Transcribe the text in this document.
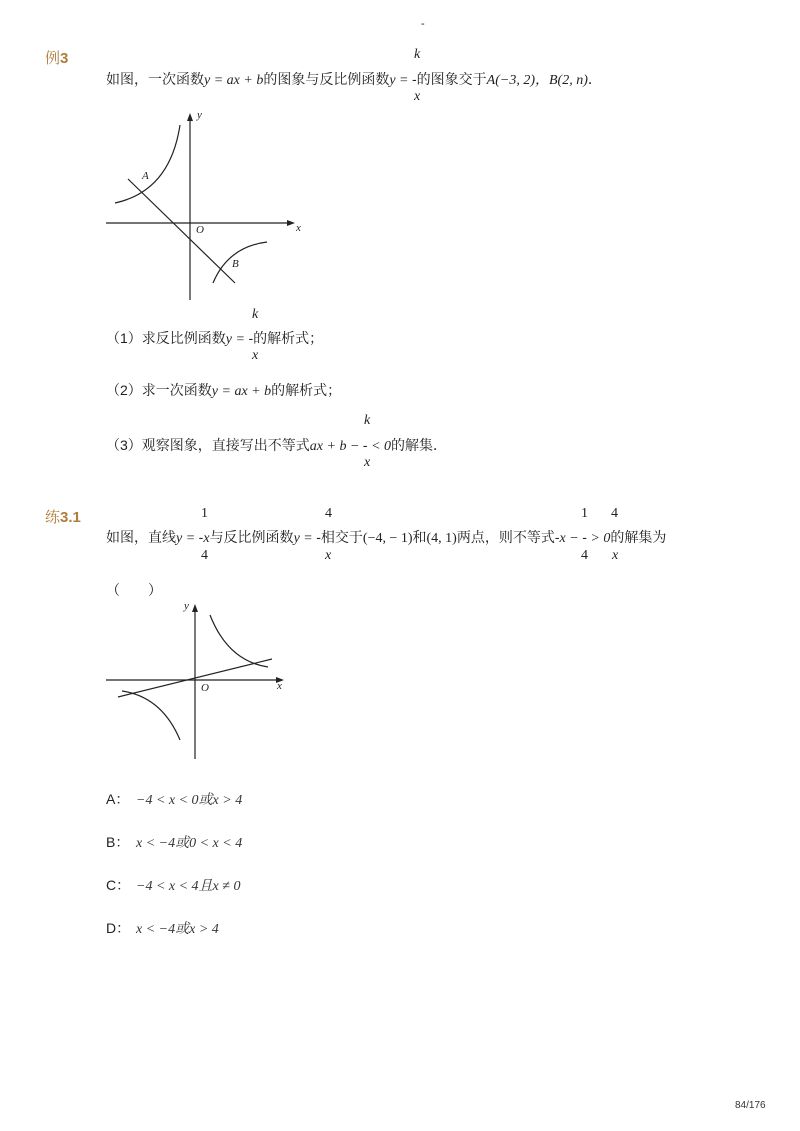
-
例3
如图，一次函数y = ax + b的图象与反比例函数y = -的图象交于A(−3, 2)，B(2, n)．
k
x
x
y
O
A
B
k
（1）求反比例函数y = -的解析式；
x
（2）求一次函数y = ax + b的解析式；
k
（3）观察图象，直接写出不等式ax + b − - < 0的解集．
x
练3.1	1	4	1 4
如图，直线y = -x与反比例函数y = -相交于(−4, − 1)和(4, 1)两点，则不等式-x − - > 0的解集为
4	x	4 x
（　　）
x
y
O
A： −4 < x < 0或x > 4
B： x < −4或0 < x < 4
C： −4 < x < 4且x ≠ 0
D： x < −4或x > 4
84/176
